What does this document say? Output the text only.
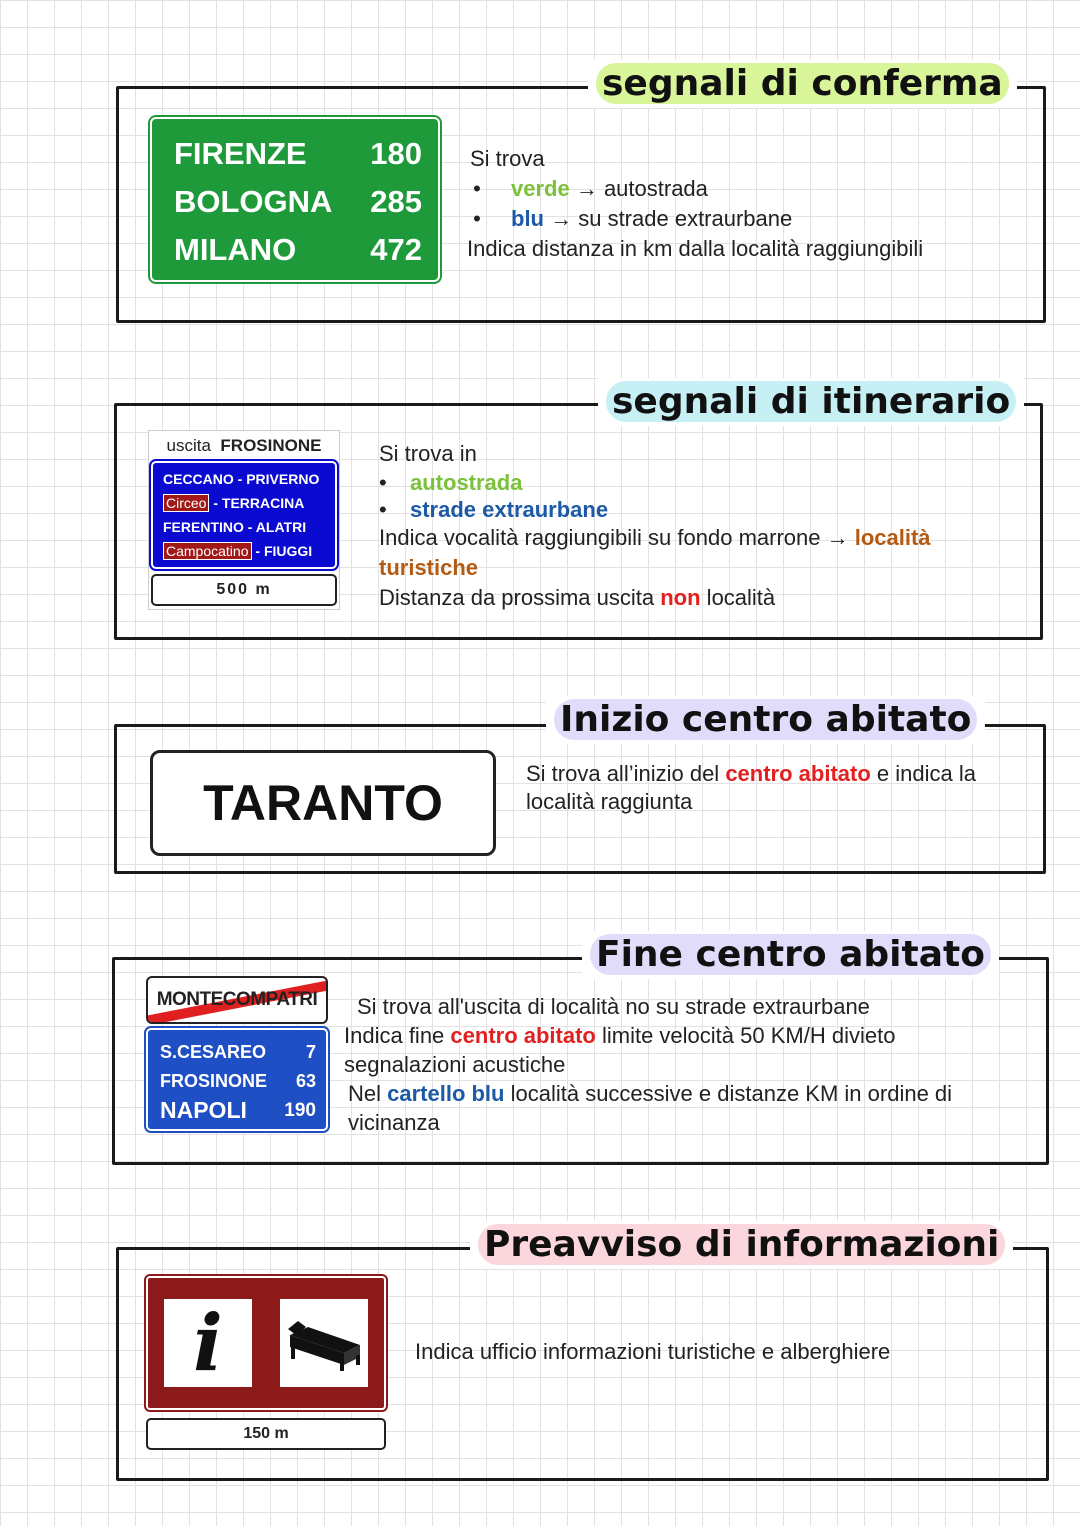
segnali di conferma
FIRENZE 180
BOLOGNA 285
MILANO 472
Si trova
• verde → autostrada
• blu → su strade extraurbane
Indica distanza in km dalla località raggiungibili
segnali di itinerario
uscita FROSINONE
CECCANO - PRIVERNO
Circeo - TERRACINA
FERENTINO - ALATRI
Campocatino - FIUGGI
500 m
Si trova in
• autostrada
• strade extraurbane
Indica vocalità raggiungibili su fondo marrone → località
turistiche
Distanza da prossima uscita non località
Inizio centro abitato
TARANTO
Si trova all’inizio del centro abitato e indica la
località raggiunta
Fine centro abitato
MONTECOMPATRI
S.CESAREO 7
FROSINONE 63
NAPOLI 190
Si trova all'uscita di località no su strade extraurbane
Indica fine centro abitato limite velocità 50 KM/H divieto
segnalazioni acustiche
Nel cartello blu località successive e distanze KM in ordine di
vicinanza
Preavviso di informazioni
i
150 m
Indica ufficio informazioni turistiche e alberghiere
